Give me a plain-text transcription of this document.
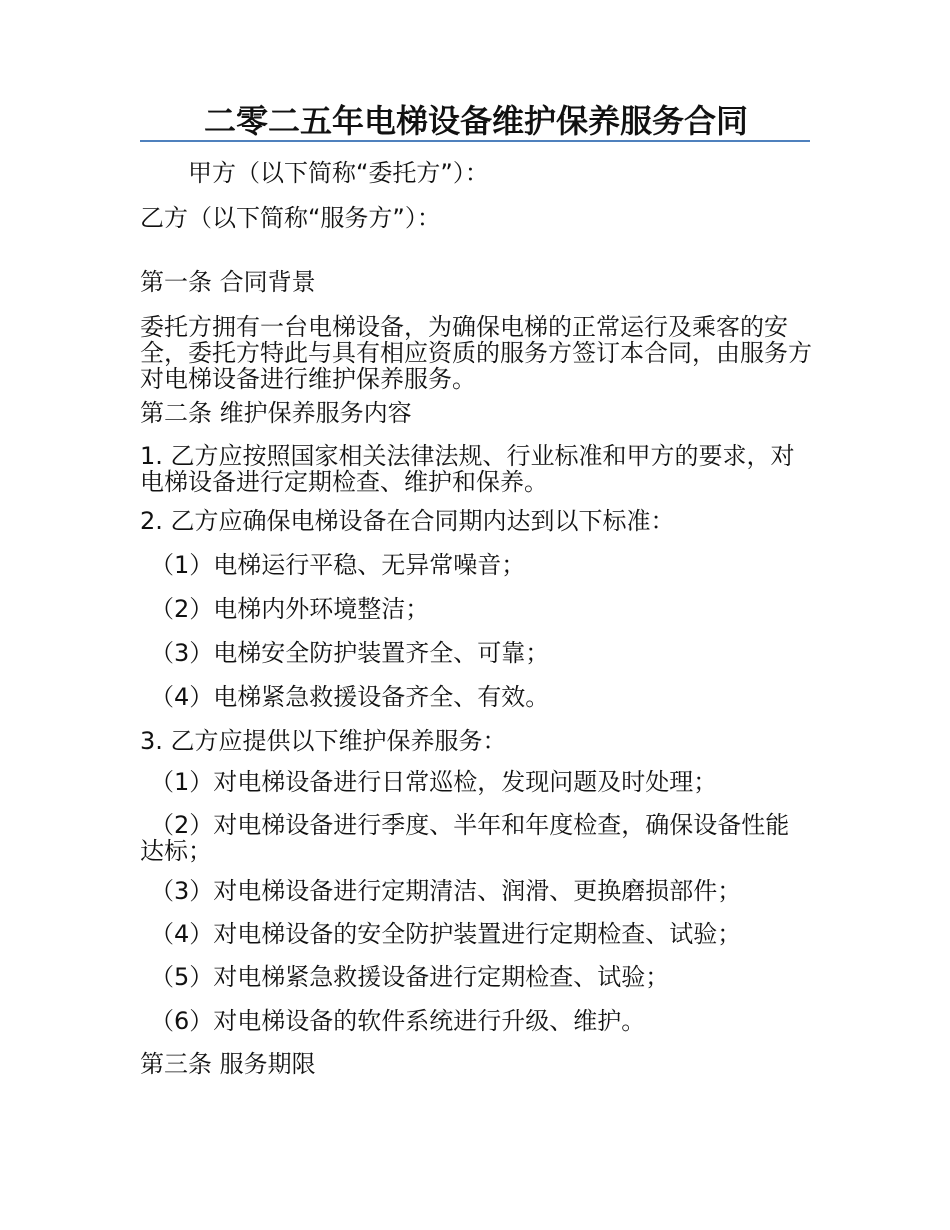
二零二五年电梯设备维护保养服务合同
甲方（以下简称“委托方”）：
乙方（以下简称“服务方”）：
第一条 合同背景
委托方拥有一台电梯设备，为确保电梯的正常运行及乘客的安全，委托方特此与具有相应资质的服务方签订本合同，由服务方对电梯设备进行维护保养服务。
第二条 维护保养服务内容
1. 乙方应按照国家相关法律法规、行业标准和甲方的要求，对电梯设备进行定期检查、维护和保养。
2. 乙方应确保电梯设备在合同期内达到以下标准：
（1）电梯运行平稳、无异常噪音；
（2）电梯内外环境整洁；
（3）电梯安全防护装置齐全、可靠；
（4）电梯紧急救援设备齐全、有效。
3. 乙方应提供以下维护保养服务：
（1）对电梯设备进行日常巡检，发现问题及时处理；
（2）对电梯设备进行季度、半年和年度检查，确保设备性能达标；
（3）对电梯设备进行定期清洁、润滑、更换磨损部件；
（4）对电梯设备的安全防护装置进行定期检查、试验；
（5）对电梯紧急救援设备进行定期检查、试验；
（6）对电梯设备的软件系统进行升级、维护。
第三条 服务期限
